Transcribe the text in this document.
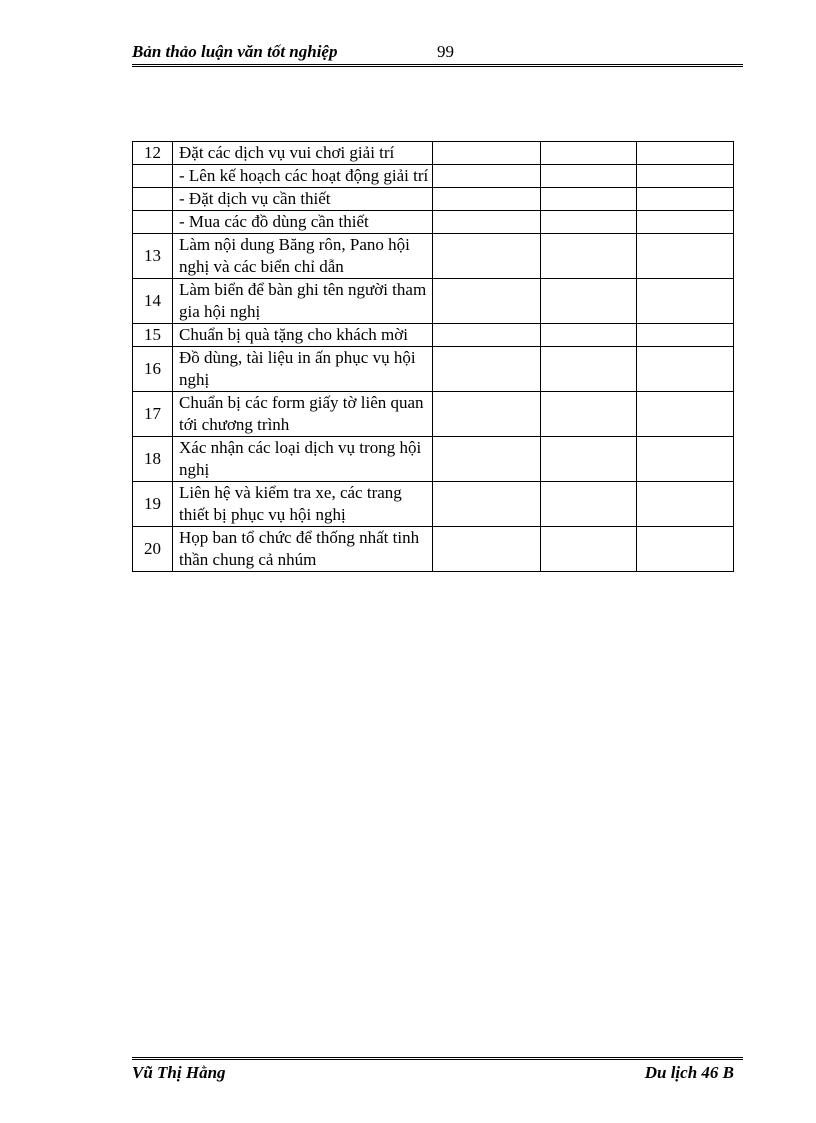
Bản thảo luận văn tốt nghiệp	99
12	Đặt các dịch vụ vui chơi giải trí			
	- Lên kế hoạch các hoạt động giải trí			
	- Đặt dịch vụ cần thiết			
	- Mua các đồ dùng cần thiết			
13	Làm nội dung Băng rôn, Pano hội nghị và các biển chỉ dẫn			
14	Làm biển để bàn ghi tên người tham gia hội nghị			
15	Chuẩn bị quà tặng cho khách mời			
16	Đồ dùng, tài liệu in ấn phục vụ hội nghị			
17	Chuẩn bị các form giấy tờ liên quan tới chương trình			
18	Xác nhận các loại dịch vụ trong hội nghị			
19	Liên hệ và kiểm tra xe, các trang thiết bị phục vụ hội nghị			
20	Họp ban tổ chức để thống nhất tinh thần chung cả nhúm			
Vũ Thị Hằng	Du lịch 46 B
